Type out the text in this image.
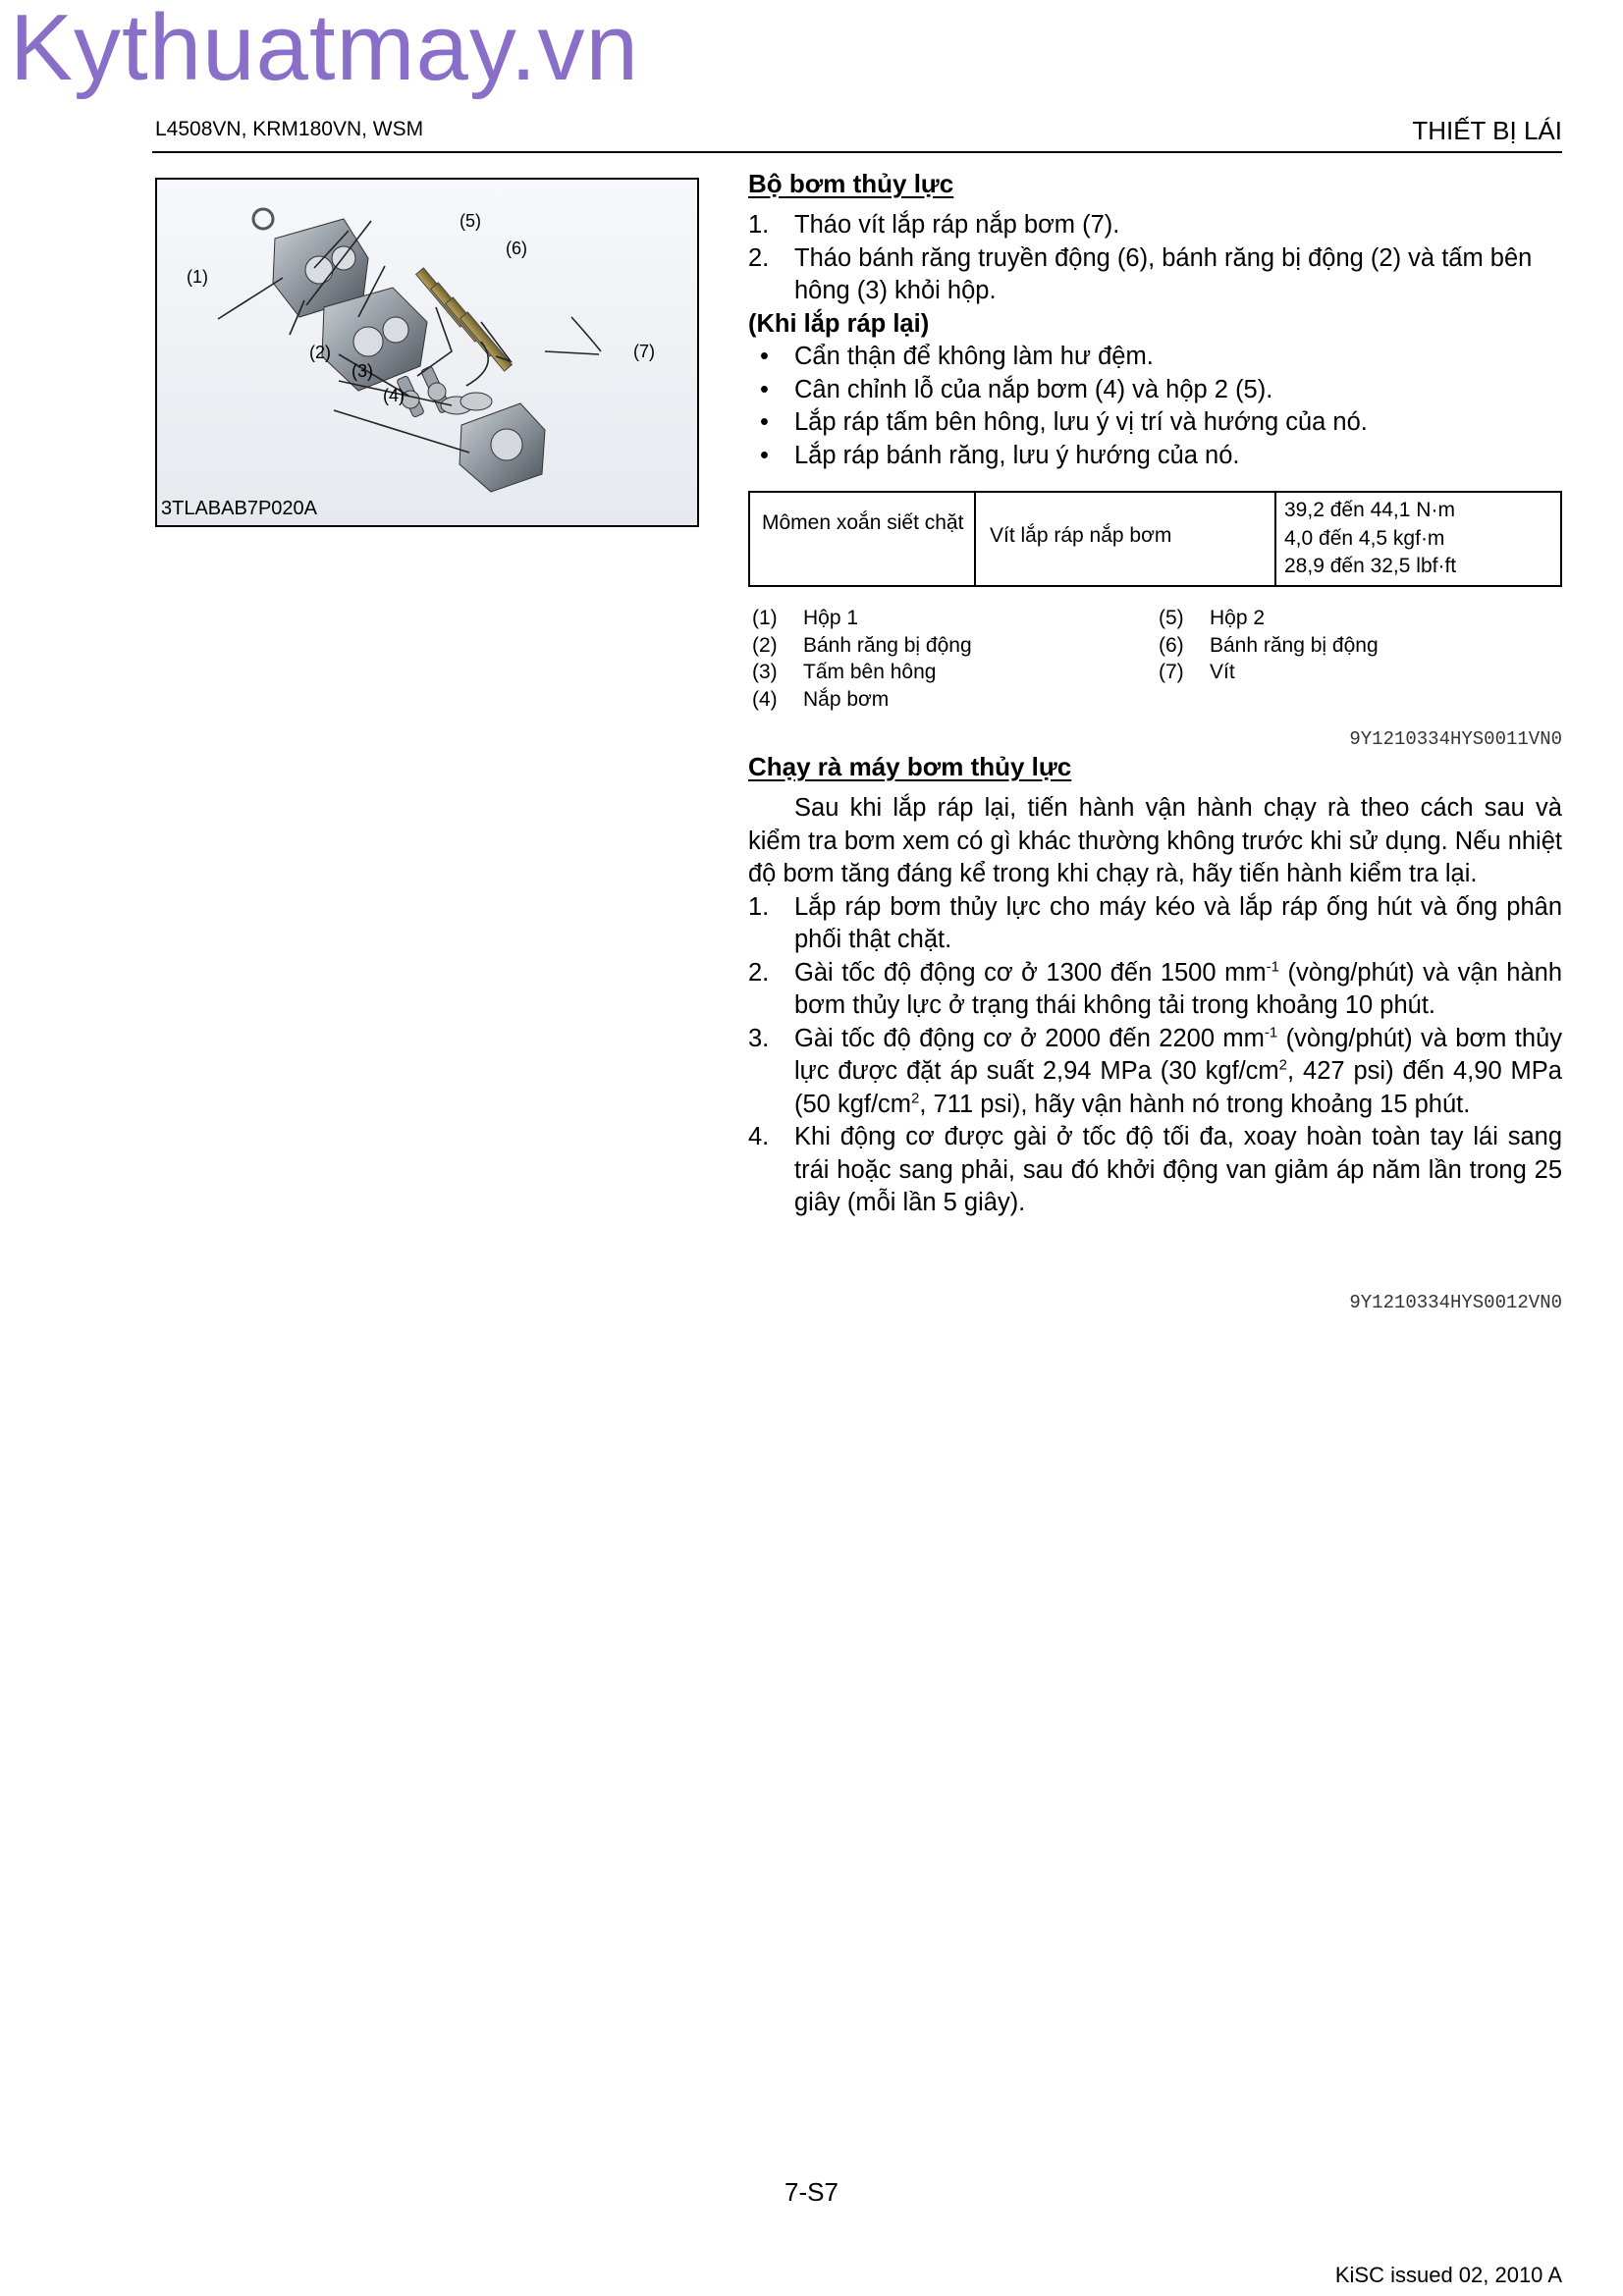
Kythuatmay.vn
L4508VN, KRM180VN, WSM	THIẾT BỊ LÁI
(1)
(2)
(3)
(4)
(5)
(6)
(7)
3TLABAB7P020A
Bộ bơm thủy lực
1. Tháo vít lắp ráp nắp bơm (7).
2. Tháo bánh răng truyền động (6), bánh răng bị động (2) và tấm bên hông (3) khỏi hộp.
(Khi lắp ráp lại)
• Cẩn thận để không làm hư đệm.
• Cân chỉnh lỗ của nắp bơm (4) và hộp 2 (5).
• Lắp ráp tấm bên hông, lưu ý vị trí và hướng của nó.
• Lắp ráp bánh răng, lưu ý hướng của nó.
Mômen xoắn siết chặt
Vít lắp ráp nắp bơm
39,2 đến 44,1 N·m
4,0 đến 4,5 kgf·m
28,9 đến 32,5 lbf·ft
(1) Hộp 1
(2) Bánh răng bị động
(3) Tấm bên hông
(4) Nắp bơm
(5) Hộp 2
(6) Bánh răng bị động
(7) Vít
9Y1210334HYS0011VN0
Chạy rà máy bơm thủy lực
Sau khi lắp ráp lại, tiến hành vận hành chạy rà theo cách sau và kiểm tra bơm xem có gì khác thường không trước khi sử dụng. Nếu nhiệt độ bơm tăng đáng kể trong khi chạy rà, hãy tiến hành kiểm tra lại.
1. Lắp ráp bơm thủy lực cho máy kéo và lắp ráp ống hút và ống phân phối thật chặt.
2. Gài tốc độ động cơ ở 1300 đến 1500 $mm^{-1}$ (vòng/phút) và vận hành bơm thủy lực ở trạng thái không tải trong khoảng 10 phút.
3. Gài tốc độ động cơ ở 2000 đến 2200 $mm^{-1}$ (vòng/phút) và bơm thủy lực được đặt áp suất 2,94 MPa (30 kgf/$cm^2$, 427 psi) đến 4,90 MPa (50 kgf/$cm^2$, 711 psi), hãy vận hành nó trong khoảng 15 phút.
4. Khi động cơ được gài ở tốc độ tối đa, xoay hoàn toàn tay lái sang trái hoặc sang phải, sau đó khởi động van giảm áp năm lần trong 25 giây (mỗi lần 5 giây).
9Y1210334HYS0012VN0
7-S7
KiSC issued 02, 2010 A
